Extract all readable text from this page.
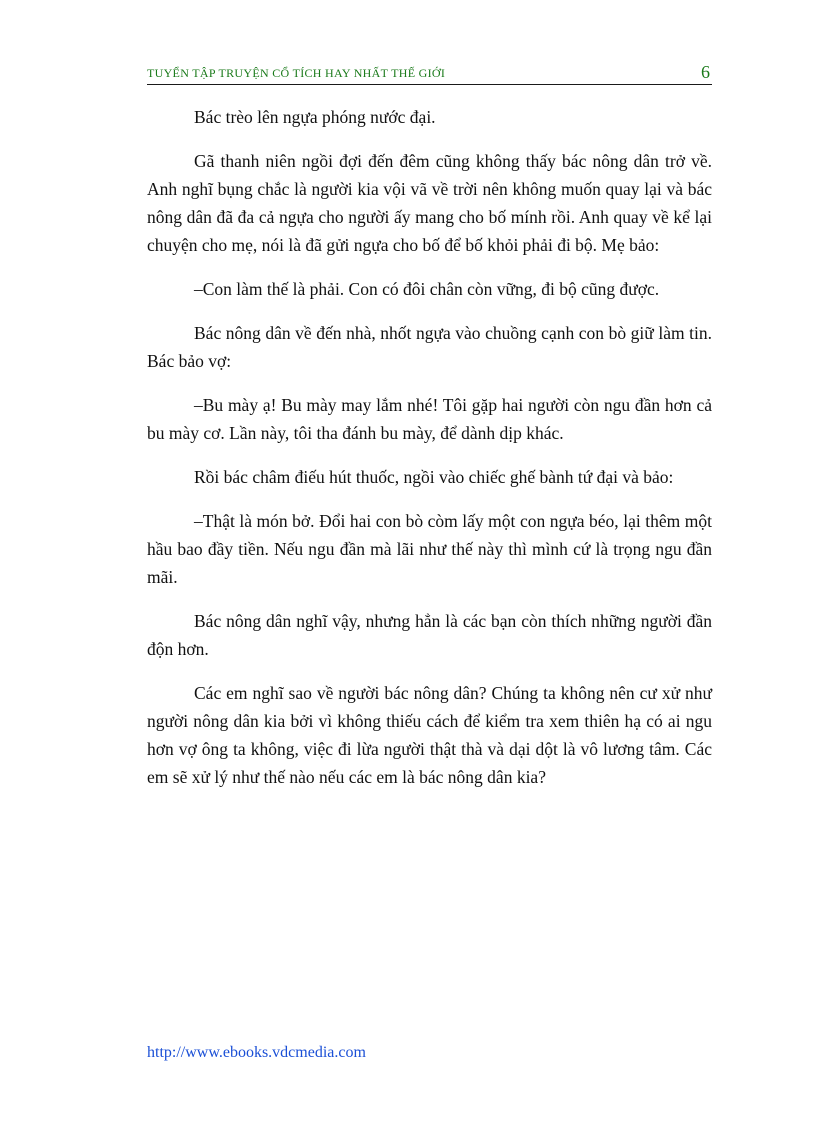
TUYỂN TẬP TRUYỆN CỔ TÍCH HAY NHẤT THẾ GIỚI	6

Bác trèo lên ngựa phóng nước đại.

Gã thanh niên ngồi đợi đến đêm cũng không thấy bác nông dân trở về. Anh nghĩ bụng chắc là người kia vội vã về trời nên không muốn quay lại và bác nông dân đã đa cả ngựa cho người ấy mang cho bố mính rồi. Anh quay về kể lại chuyện cho mẹ, nói là đã gửi ngựa cho bố để bố khỏi phải đi bộ. Mẹ bảo:

–Con làm thế là phải. Con có đôi chân còn vững, đi bộ cũng được.

Bác nông dân về đến nhà, nhốt ngựa vào chuồng cạnh con bò giữ làm tin. Bác bảo vợ:

–Bu mày ạ! Bu mày may lắm nhé! Tôi gặp hai người còn ngu đần hơn cả bu mày cơ. Lần này, tôi tha đánh bu mày, để dành dịp khác.

Rồi bác châm điếu hút thuốc, ngồi vào chiếc ghế bành tứ đại và bảo:

–Thật là món bở. Đổi hai con bò còm lấy một con ngựa béo, lại thêm một hầu bao đầy tiền. Nếu ngu đần mà lãi như thế này thì mình cứ là trọng ngu đần mãi.

Bác nông dân nghĩ vậy, nhưng hẳn là các bạn còn thích những người đần độn hơn.

Các em nghĩ sao về người bác nông dân? Chúng ta không nên cư xử như người nông dân kia bởi vì không thiếu cách để kiểm tra xem thiên hạ có ai ngu hơn vợ ông ta không, việc đi lừa người thật thà và dại dột là vô lương tâm. Các em sẽ xử lý như thế nào nếu các em là bác nông dân kia?

http://www.ebooks.vdcmedia.com
